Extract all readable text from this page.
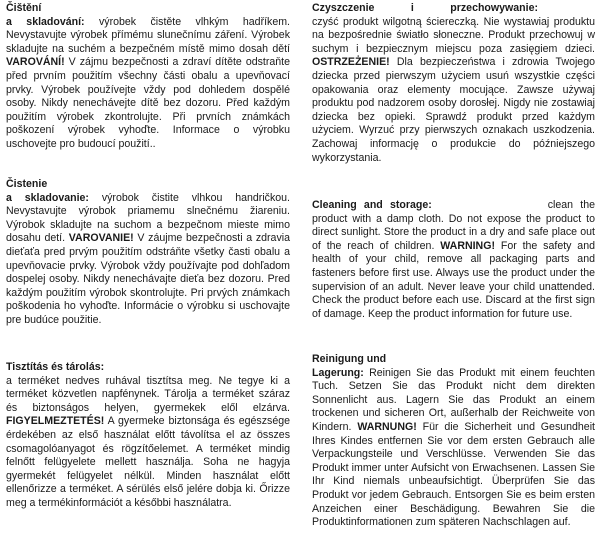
Čištění
a skladování: výrobek čistěte vlhkým hadříkem. Nevystavujte výrobek přímému slunečnímu záření. Výrobek skladujte na suchém a bezpečném místě mimo dosah dětí VAROVÁNÍ! V zájmu bezpečnosti a zdraví dítěte odstraňte před prvním použitím všechny části obalu a upevňovací prvky. Výrobek používejte vždy pod dohledem dospělé osoby. Nikdy nenechávejte dítě bez dozoru. Před každým použitím výrobek zkontrolujte. Při prvních známkách poškození výrobek vyhoďte. Informace o výrobku uschovejte pro budoucí použití..
Čistenie
a skladovanie: výrobok čistite vlhkou handričkou. Nevystavujte výrobok priamemu slnečnému žiareniu. Výrobok skladujte na suchom a bezpečnom mieste mimo dosahu detí. VAROVANIE! V záujme bezpečnosti a zdravia dieťaťa pred prvým použitím odstráňte všetky časti obalu a upevňovacie prvky. Výrobok vždy používajte pod dohľadom dospelej osoby. Nikdy nenechávajte dieťa bez dozoru. Pred každým použitím výrobok skontrolujte. Pri prvých známkach poškodenia ho vyhoďte. Informácie o výrobku si uschovajte pre budúce použitie.
Tisztítás és tárolás:
a terméket nedves ruhával tisztítsa meg. Ne tegye ki a terméket közvetlen napfénynek. Tárolja a terméket száraz és biztonságos helyen, gyermekek elől elzárva. FIGYELMEZTETÉS! A gyermeke biztonsága és egészsége érdekében az első használat előtt távolítsa el az összes csomagolóanyagot és rögzítőelemet. A terméket mindig felnőtt felügyelete mellett használja. Soha ne hagyja gyermekét felügyelet nélkül. Minden használat előtt ellenőrizze a terméket. A sérülés első jelére dobja ki. Őrizze meg a termékinformációt a későbbi használatra.
Czyszczenie	i	przechowywanie:
czyść produkt wilgotną ściereczką. Nie wystawiaj produktu na bezpośrednie światło słoneczne. Produkt przechowuj w suchym i bezpiecznym miejscu poza zasięgiem dzieci. OSTRZEŻENIE! Dla bezpieczeństwa i zdrowia Twojego dziecka przed pierwszym użyciem usuń wszystkie części opakowania oraz elementy mocujące. Zawsze używaj produktu pod nadzorem osoby dorosłej. Nigdy nie zostawiaj dziecka bez opieki. Sprawdź produkt przed każdym użyciem. Wyrzuć przy pierwszych oznakach uszkodzenia. Zachowaj informację o produkcie do późniejszego wykorzystania.
Cleaning and storage:	clean the product with a damp cloth. Do not expose the product to direct sunlight. Store the product in a dry and safe place out of the reach of children. WARNING! For the safety and health of your child, remove all packaging parts and fasteners before first use. Always use the product under the supervision of an adult. Never leave your child unattended. Check the product before each use. Discard at the first sign of damage. Keep the product information for future use.
Reinigung und
Lagerung: Reinigen Sie das Produkt mit einem feuchten Tuch. Setzen Sie das Produkt nicht dem direkten Sonnenlicht aus. Lagern Sie das Produkt an einem trockenen und sicheren Ort, außerhalb der Reichweite von Kindern. WARNUNG! Für die Sicherheit und Gesundheit Ihres Kindes entfernen Sie vor dem ersten Gebrauch alle Verpackungsteile und Verschlüsse. Verwenden Sie das Produkt immer unter Aufsicht von Erwachsenen. Lassen Sie Ihr Kind niemals unbeaufsichtigt. Überprüfen Sie das Produkt vor jedem Gebrauch. Entsorgen Sie es beim ersten Anzeichen einer Beschädigung. Bewahren Sie die Produktinformationen zum späteren Nachschlagen auf.
